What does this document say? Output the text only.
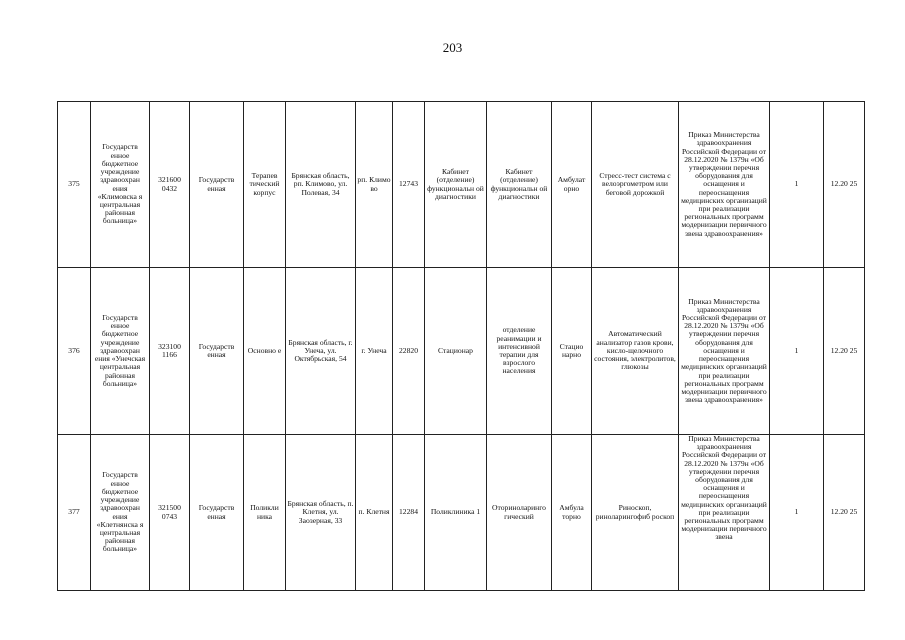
203
375	Государств енное бюджетное учреждение здравоохран ения «Климовска я центральная районная больница»	321600 0432	Государств енная	Терапев тический корпус	Брянская область, рп. Климово, ул. Полевая, 34	рп. Климо во	12743	Кабинет (отделение) функциональн ой диагностики	Кабинет (отделение) функциональн ой диагностики	Амбулат орно	Стресс-тест система с велоэргометром или беговой дорожкой	Приказ Министерства здравоохранения Российской Федерации от 28.12.2020 № 1379н «Об утверждении перечня оборудования для оснащения и переоснащения медицинских организаций при реализации региональных программ модернизации первичного звена здравоохранения»	1	12.20 25
376	Государств енное бюджетное учреждение здравоохран ения «Унечская центральная районная больница»	323100 1166	Государств енная	Основно е	Брянская область, г. Унеча, ул. Октябрьская, 54	г. Унеча	22820	Стационар	отделение реанимации и интенсивной терапии для взрослого населения	Стацио нарно	Автоматический анализатор газов крови, кисло-щелочного состояния, электролитов, глюкозы	Приказ Министерства здравоохранения Российской Федерации от 28.12.2020 № 1379н «Об утверждении перечня оборудования для оснащения и переоснащения медицинских организаций при реализации региональных программ модернизации первичного звена здравоохранения»	1	12.20 25
377	Государств енное бюджетное учреждение здравоохран ения «Клетнянска я центральная районная больница»	321500 0743	Государств енная	Поликли ника	Брянская область, п. Клетня, ул. Заозерная, 33	п. Клетня	12284	Поликлиника 1	Оториноларинго гический	Амбула торно	Риноскоп, риноларингофиб роскоп	Приказ Министерства здравоохранения Российской Федерации от 28.12.2020 № 1379н «Об утверждении перечня оборудования для оснащения и переоснащения медицинских организаций при реализации региональных программ модернизации первичного звена	1	12.20 25
